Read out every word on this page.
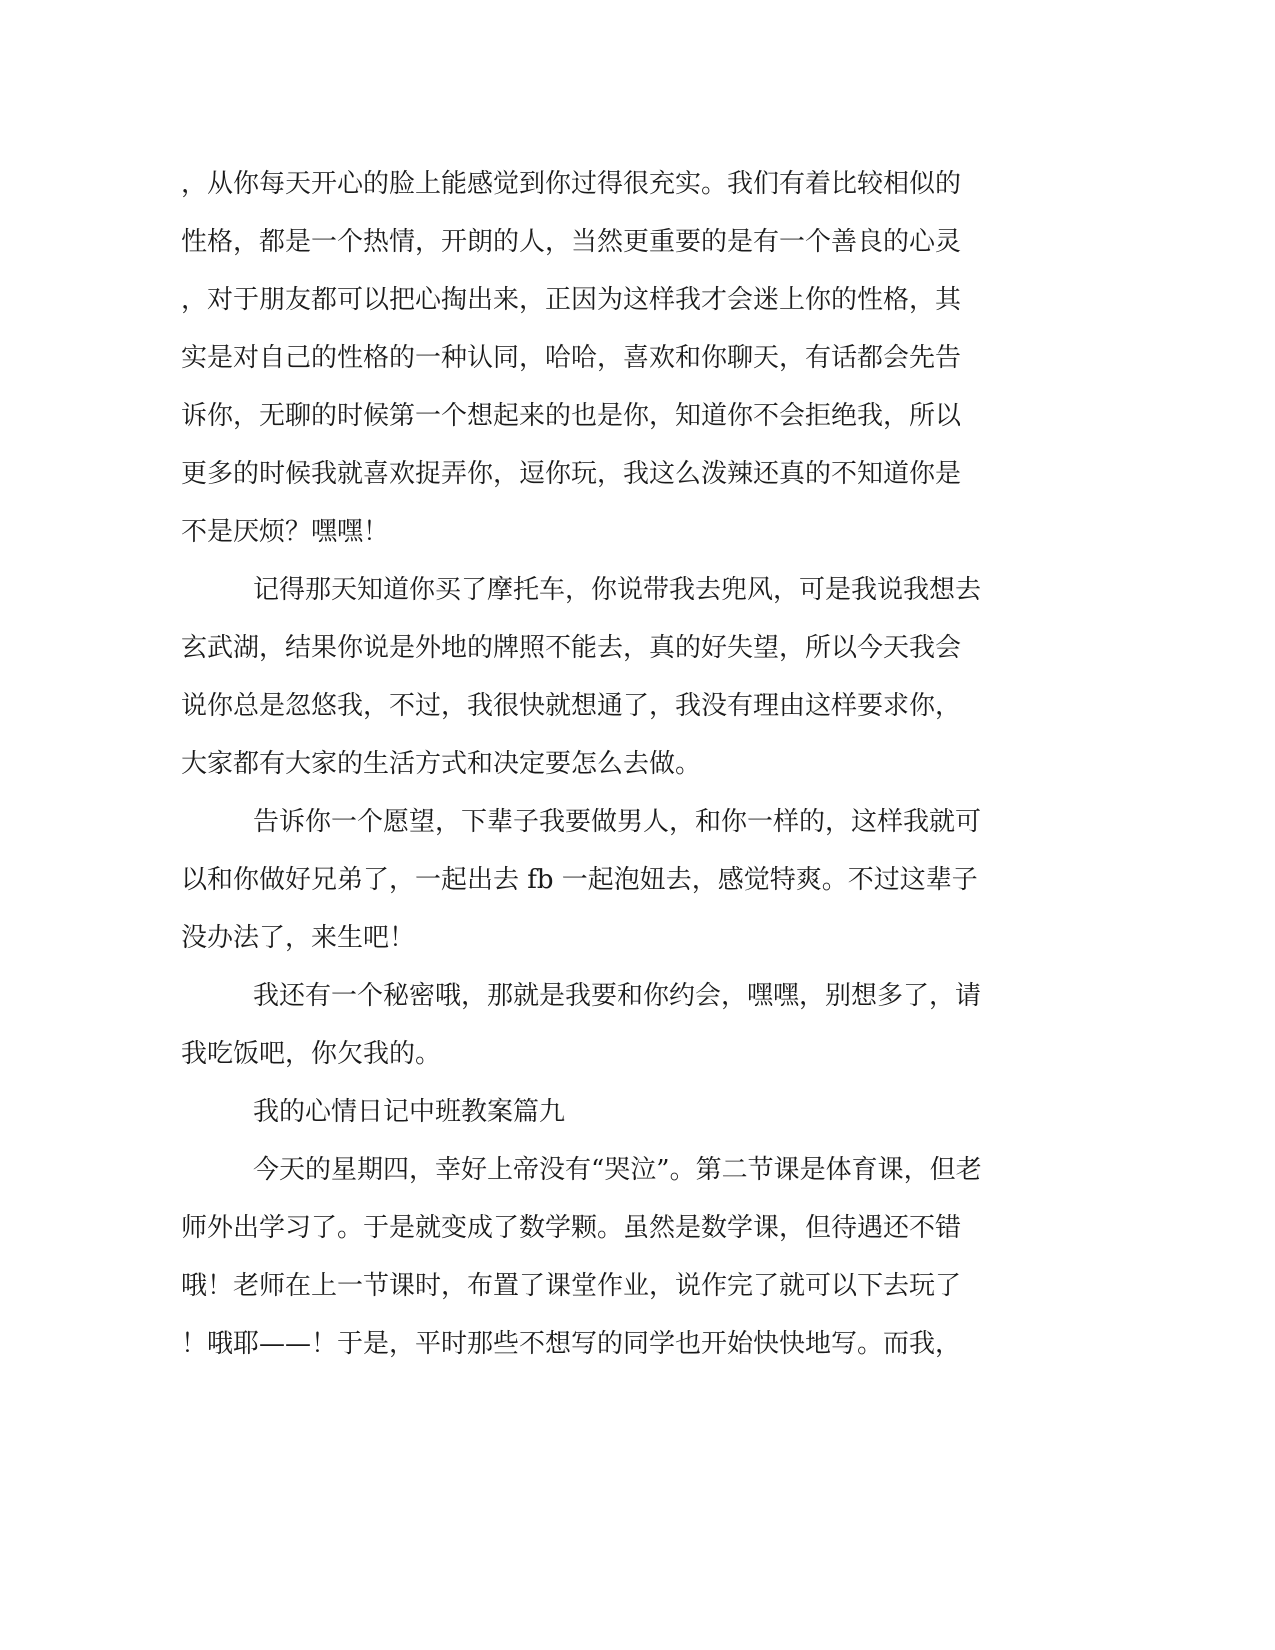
，从你每天开心的脸上能感觉到你过得很充实。我们有着比较相似的
性格，都是一个热情，开朗的人，当然更重要的是有一个善良的心灵
，对于朋友都可以把心掏出来，正因为这样我才会迷上你的性格，其
实是对自己的性格的一种认同，哈哈，喜欢和你聊天，有话都会先告
诉你，无聊的时候第一个想起来的也是你，知道你不会拒绝我，所以
更多的时候我就喜欢捉弄你，逗你玩，我这么泼辣还真的不知道你是
不是厌烦？嘿嘿！
记得那天知道你买了摩托车，你说带我去兜风，可是我说我想去
玄武湖，结果你说是外地的牌照不能去，真的好失望，所以今天我会
说你总是忽悠我，不过，我很快就想通了，我没有理由这样要求你，
大家都有大家的生活方式和决定要怎么去做。
告诉你一个愿望，下辈子我要做男人，和你一样的，这样我就可
以和你做好兄弟了，一起出去 fb 一起泡妞去，感觉特爽。不过这辈子
没办法了，来生吧！
我还有一个秘密哦，那就是我要和你约会，嘿嘿，别想多了，请
我吃饭吧，你欠我的。
我的心情日记中班教案篇九
今天的星期四，幸好上帝没有“哭泣”。第二节课是体育课，但老
师外出学习了。于是就变成了数学颗。虽然是数学课，但待遇还不错
哦！老师在上一节课时，布置了课堂作业，说作完了就可以下去玩了
！哦耶——！于是，平时那些不想写的同学也开始快快地写。而我，
